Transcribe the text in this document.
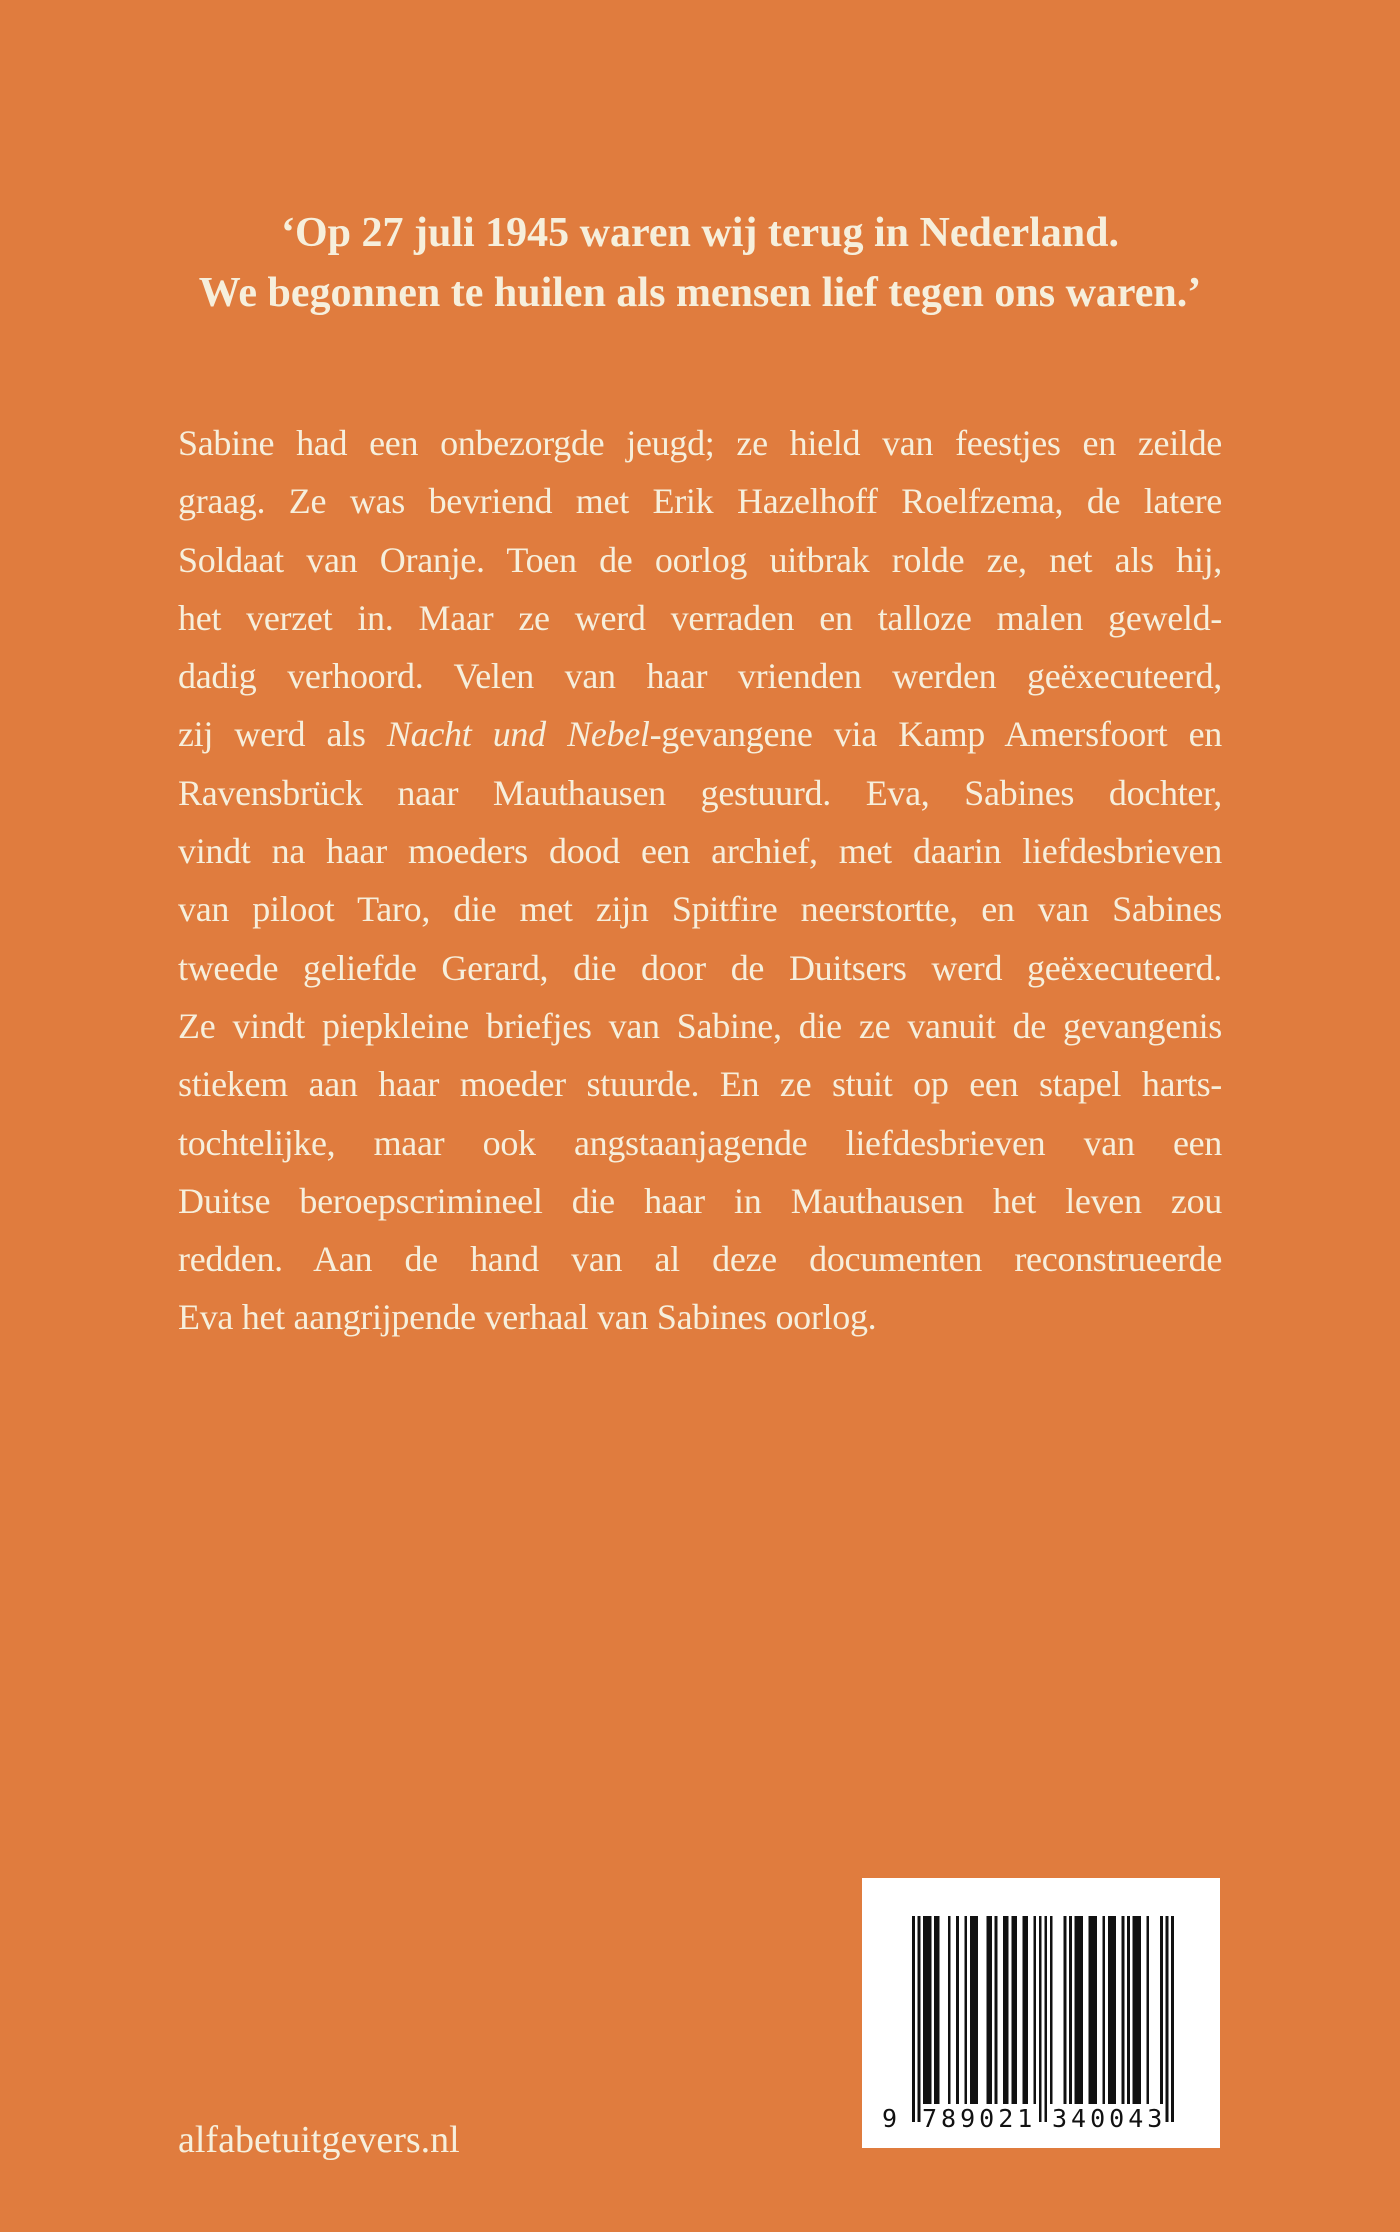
‘Op 27 juli 1945 waren wij terug in Nederland.
We begonnen te huilen als mensen lief tegen ons waren.’
Sabine had een onbezorgde jeugd; ze hield van feestjes en zeilde
graag. Ze was bevriend met Erik Hazelhoff Roelfzema, de latere
Soldaat van Oranje. Toen de oorlog uitbrak rolde ze, net als hij,
het verzet in. Maar ze werd verraden en talloze malen geweld-
dadig verhoord. Velen van haar vrienden werden geëxecuteerd,
zij werd als Nacht und Nebel-gevangene via Kamp Amersfoort en
Ravensbrück naar Mauthausen gestuurd. Eva, Sabines dochter,
vindt na haar moeders dood een archief, met daarin liefdesbrieven
van piloot Taro, die met zijn Spitfire neerstortte, en van Sabines
tweede geliefde Gerard, die door de Duitsers werd geëxecuteerd.
Ze vindt piepkleine briefjes van Sabine, die ze vanuit de gevangenis
stiekem aan haar moeder stuurde. En ze stuit op een stapel harts-
tochtelijke, maar ook angstaanjagende liefdesbrieven van een
Duitse beroepscrimineel die haar in Mauthausen het leven zou
redden. Aan de hand van al deze documenten reconstrueerde
Eva het aangrijpende verhaal van Sabines oorlog.
9 789021 340043
alfabetuitgevers.nl
